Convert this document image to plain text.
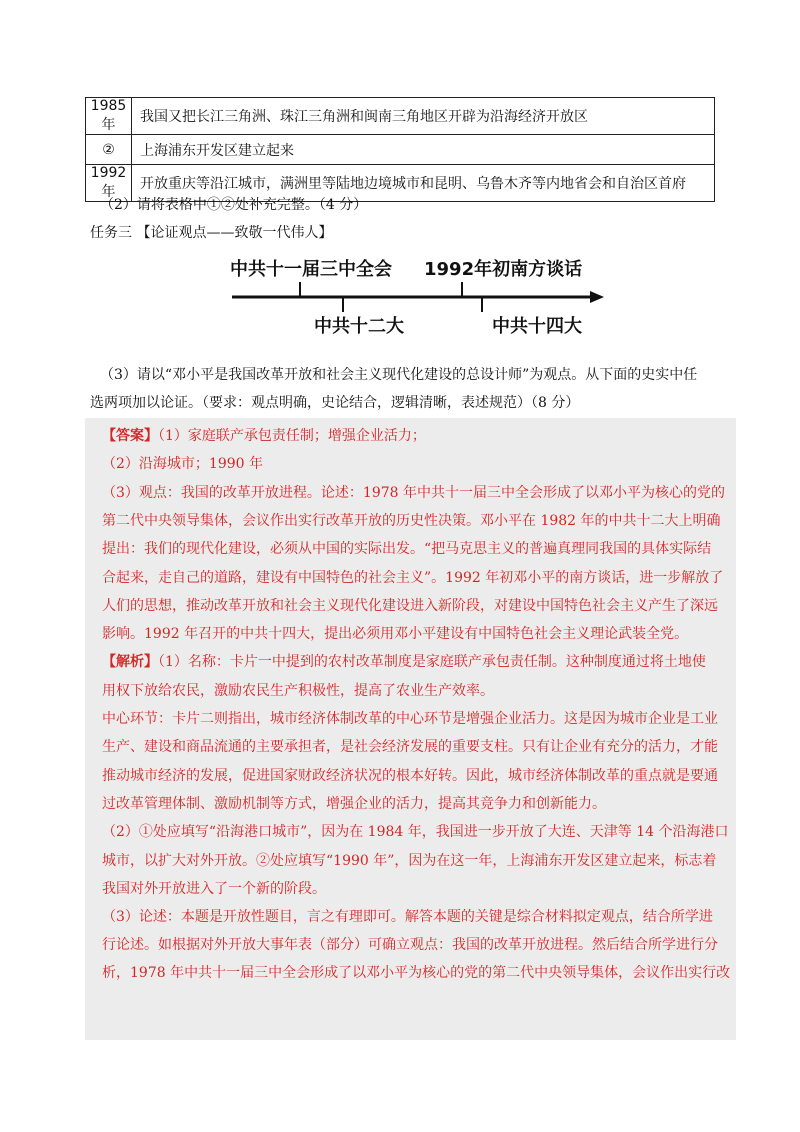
1985 年	我国又把长江三角洲、珠江三角洲和闽南三角地区开辟为沿海经济开放区
②	上海浦东开发区建立起来
1992 年	开放重庆等沿江城市，满洲里等陆地边境城市和昆明、乌鲁木齐等内地省会和自治区首府
（2）请将表格中①②处补充完整。（4 分）
任务三 【论证观点——致敬一代伟人】
中共十一届三中全会 1992年初南方谈话
中共十二大	中共十四大
（3）请以“邓小平是我国改革开放和社会主义现代化建设的总设计师”为观点。从下面的史实中任
选两项加以论证。（要求：观点明确，史论结合，逻辑清晰，表述规范）（8 分）
【答案】（1）家庭联产承包责任制；增强企业活力；
（2）沿海城市；1990 年
（3）观点：我国的改革开放进程。论述：1978 年中共十一届三中全会形成了以邓小平为核心的党的
第二代中央领导集体，会议作出实行改革开放的历史性决策。邓小平在 1982 年的中共十二大上明确
提出：我们的现代化建设，必须从中国的实际出发。“把马克思主义的普遍真理同我国的具体实际结
合起来，走自己的道路，建设有中国特色的社会主义”。1992 年初邓小平的南方谈话，进一步解放了
人们的思想，推动改革开放和社会主义现代化建设进入新阶段，对建设中国特色社会主义产生了深远
影响。1992 年召开的中共十四大，提出必须用邓小平建设有中国特色社会主义理论武装全党。
【解析】（1）名称：卡片一中提到的农村改革制度是家庭联产承包责任制。这种制度通过将土地使
用权下放给农民，激励农民生产积极性，提高了农业生产效率。
中心环节：卡片二则指出，城市经济体制改革的中心环节是增强企业活力。这是因为城市企业是工业
生产、建设和商品流通的主要承担者，是社会经济发展的重要支柱。只有让企业有充分的活力，才能
推动城市经济的发展，促进国家财政经济状况的根本好转。因此，城市经济体制改革的重点就是要通
过改革管理体制、激励机制等方式，增强企业的活力，提高其竞争力和创新能力。
（2）①处应填写“沿海港口城市”，因为在 1984 年，我国进一步开放了大连、天津等 14 个沿海港口
城市，以扩大对外开放。②处应填写“1990 年”，因为在这一年，上海浦东开发区建立起来，标志着
我国对外开放进入了一个新的阶段。
（3）论述：本题是开放性题目，言之有理即可。解答本题的关键是综合材料拟定观点，结合所学进
行论述。如根据对外开放大事年表（部分）可确立观点：我国的改革开放进程。然后结合所学进行分
析，1978 年中共十一届三中全会形成了以邓小平为核心的党的第二代中央领导集体，会议作出实行改
